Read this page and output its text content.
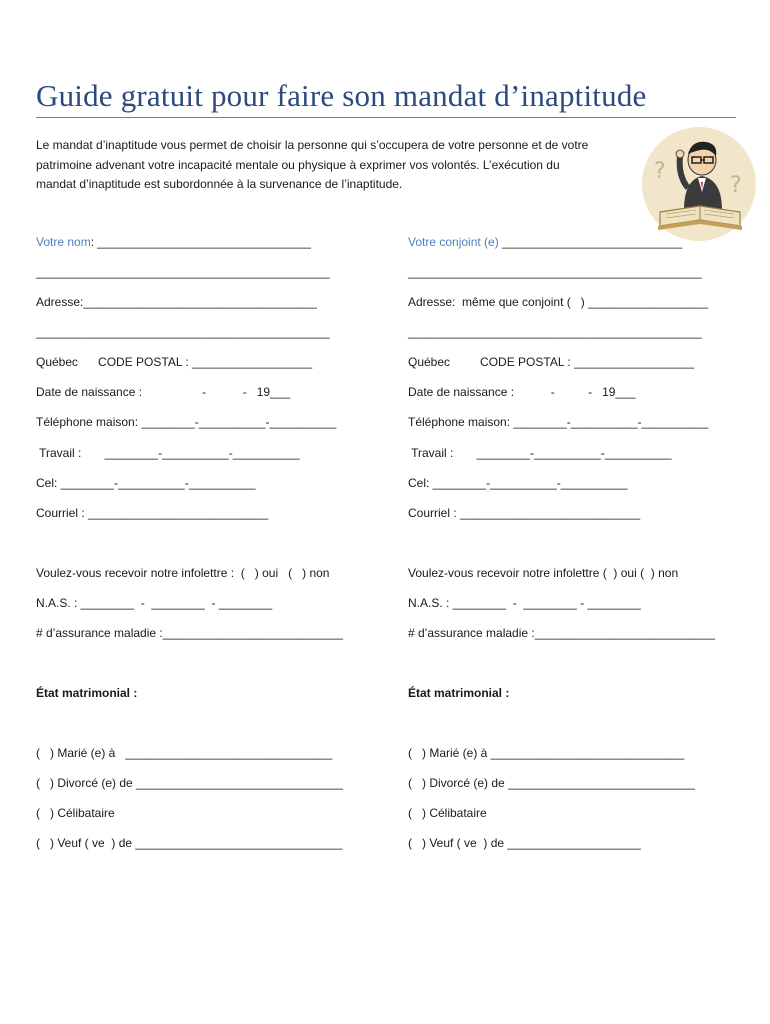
Guide gratuit pour faire son mandat d’inaptitude
Le mandat d’inaptitude vous permet de choisir la personne qui s’occupera de votre personne et de votre
patrimoine advenant votre incapacité mentale ou physique à exprimer vos volontés. L’exécution du
mandat d’inaptitude est subordonnée à la survenance de l’inaptitude.	?
?
Votre nom: ________________________________
____________________________________________
Adresse:___________________________________
____________________________________________
Québec      CODE POSTAL : __________________
Date de naissance :                  -           -   19___
Téléphone maison: ________-__________-__________
Travail :       ________-__________-__________
Cel: ________-__________-__________
Courriel : ___________________________
Voulez-vous recevoir notre infolettre :  (   ) oui   (   ) non
N.A.S. : ________  -  ________  - ________
# d’assurance maladie :___________________________
État matrimonial :
(   ) Marié (e) à   _______________________________
(   ) Divorcé (e) de _______________________________
(   ) Célibataire
(   ) Veuf ( ve  ) de _______________________________
Votre conjoint (e) ___________________________
____________________________________________
Adresse:  même que conjoint (   ) __________________
____________________________________________
Québec         CODE POSTAL : __________________
Date de naissance :           -          -   19___
Téléphone maison: ________-__________-__________
Travail :       ________-__________-__________
Cel: ________-__________-__________
Courriel : ___________________________
Voulez-vous recevoir notre infolettre (  ) oui (  ) non
N.A.S. : ________  -  ________ - ________
# d’assurance maladie :___________________________
État matrimonial :
(   ) Marié (e) à _____________________________
(   ) Divorcé (e) de ____________________________
(   ) Célibataire
(   ) Veuf ( ve  ) de ____________________
